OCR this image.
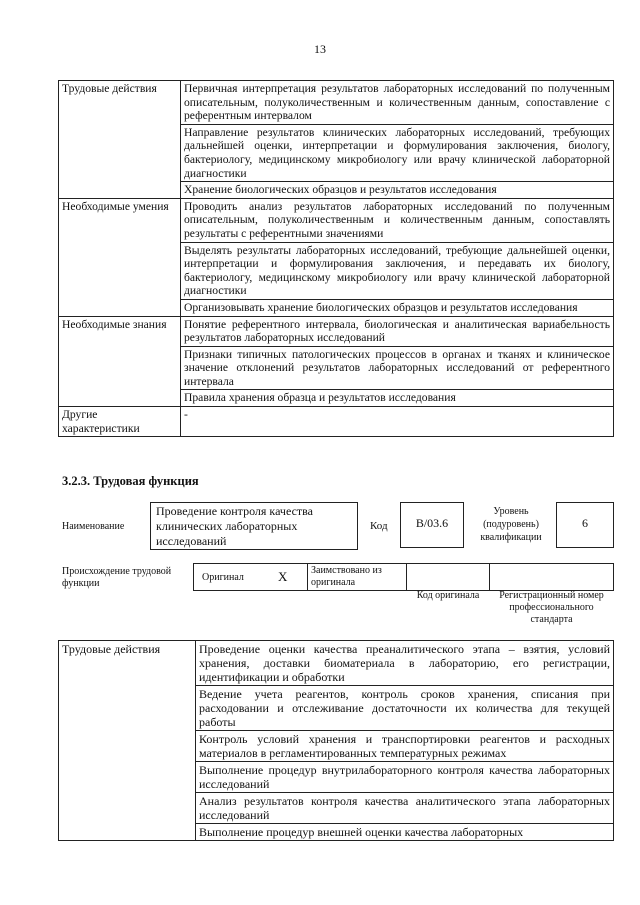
13
Трудовые действия	Первичная интерпретация результатов лабораторных исследований по полученным описательным, полуколичественным и количественным данным, сопоставление с референтным интервалом
	Направление результатов клинических лабораторных исследований, требующих дальнейшей оценки, интерпретации и формулирования заключения, биологу, бактериологу, медицинскому микробиологу или врачу клинической лабораторной диагностики
	Хранение биологических образцов и результатов исследования
Необходимые умения	Проводить анализ результатов лабораторных исследований по полученным описательным, полуколичественным и количественным данным, сопоставлять результаты с референтными значениями
	Выделять результаты лабораторных исследований, требующие дальнейшей оценки, интерпретации и формулирования заключения, и передавать их биологу, бактериологу, медицинскому микробиологу или врачу клинической лабораторной диагностики
	Организовывать хранение биологических образцов и результатов исследования
Необходимые знания	Понятие референтного интервала, биологическая и аналитическая вариабельность результатов лабораторных исследований
	Признаки типичных патологических процессов в органах и тканях и клиническое значение отклонений результатов лабораторных исследований от референтного интервала
	Правила хранения образца и результатов исследования
Другие характеристики	-
3.2.3. Трудовая функция
Наименование
Проведение контроля качества клинических лабораторных исследований
Код	B/03.6
Уровень (подуровень) квалификации
6
Происхождение трудовой функции
Оригинал	X	Заимствовано из оригинала
Код оригинала	Регистрационный номер профессионального стандарта
Трудовые действия	Проведение оценки качества преаналитического этапа – взятия, условий хранения, доставки биоматериала в лабораторию, его регистрации, идентификации и обработки
Ведение учета реагентов, контроль сроков хранения, списания при расходовании и отслеживание достаточности их количества для текущей работы
Контроль условий хранения и транспортировки реагентов и расходных материалов в регламентированных температурных режимах
Выполнение процедур внутрилабораторного контроля качества лабораторных исследований
Анализ результатов контроля качества аналитического этапа лабораторных исследований
Выполнение процедур внешней оценки качества лабораторных
